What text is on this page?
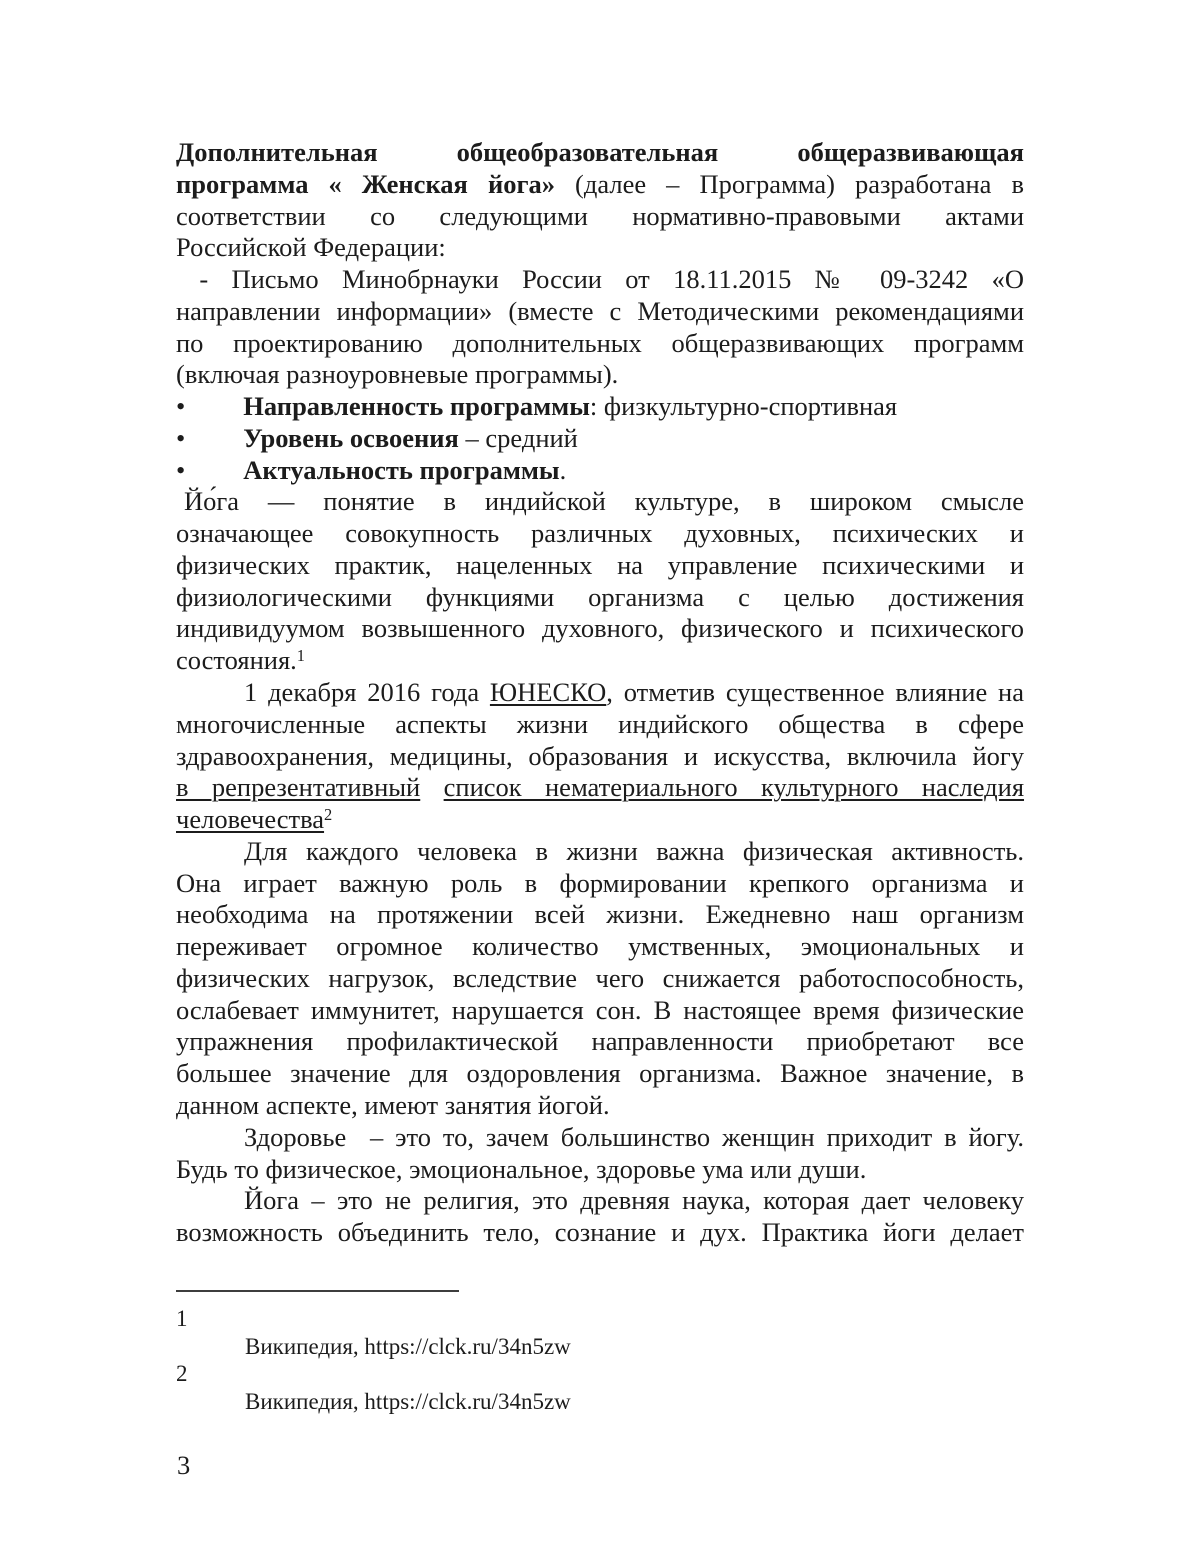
Дополнительная общеобразовательная общеразвивающая
программа « Женская йога» (далее – Программа) разработана в
соответствии со следующими нормативно-правовыми актами
Российской Федерации:
- Письмо Минобрнауки России от 18.11.2015 № 09-3242 «О
направлении информации» (вместе с Методическими рекомендациями
по проектированию дополнительных общеразвивающих программ
(включая разноуровневые программы).
• Направленность программы: физкультурно-спортивная
• Уровень освоения – средний
• Актуальность программы.
Йо́га — понятие в индийской культуре, в широком смысле
означающее совокупность различных духовных, психических и
физических практик, нацеленных на управление психическими и
физиологическими функциями организма с целью достижения
индивидуумом возвышенного духовного, физического и психического
состояния.$^1$
1 декабря 2016 года ЮНЕСКО, отметив существенное влияние на
многочисленные аспекты жизни индийского общества в сфере
здравоохранения, медицины, образования и искусства, включила йогу
в репрезентативный список нематериального культурного наследия
человечества$^2$
Для каждого человека в жизни важна физическая активность.
Она играет важную роль в формировании крепкого организма и
необходима на протяжении всей жизни. Ежедневно наш организм
переживает огромное количество умственных, эмоциональных и
физических нагрузок, вследствие чего снижается работоспособность,
ослабевает иммунитет, нарушается сон. В настоящее время физические
упражнения профилактической направленности приобретают все
большее значение для оздоровления организма. Важное значение, в
данном аспекте, имеют занятия йогой.
Здоровье  – это то, зачем большинство женщин приходит в йогу.
Будь то физическое, эмоциональное, здоровье ума или души.
Йога – это не религия, это древняя наука, которая дает человеку
возможность объединить тело, сознание и дух. Практика йоги делает
1
Википедия, https://clck.ru/34n5zw
2
Википедия, https://clck.ru/34n5zw
3
